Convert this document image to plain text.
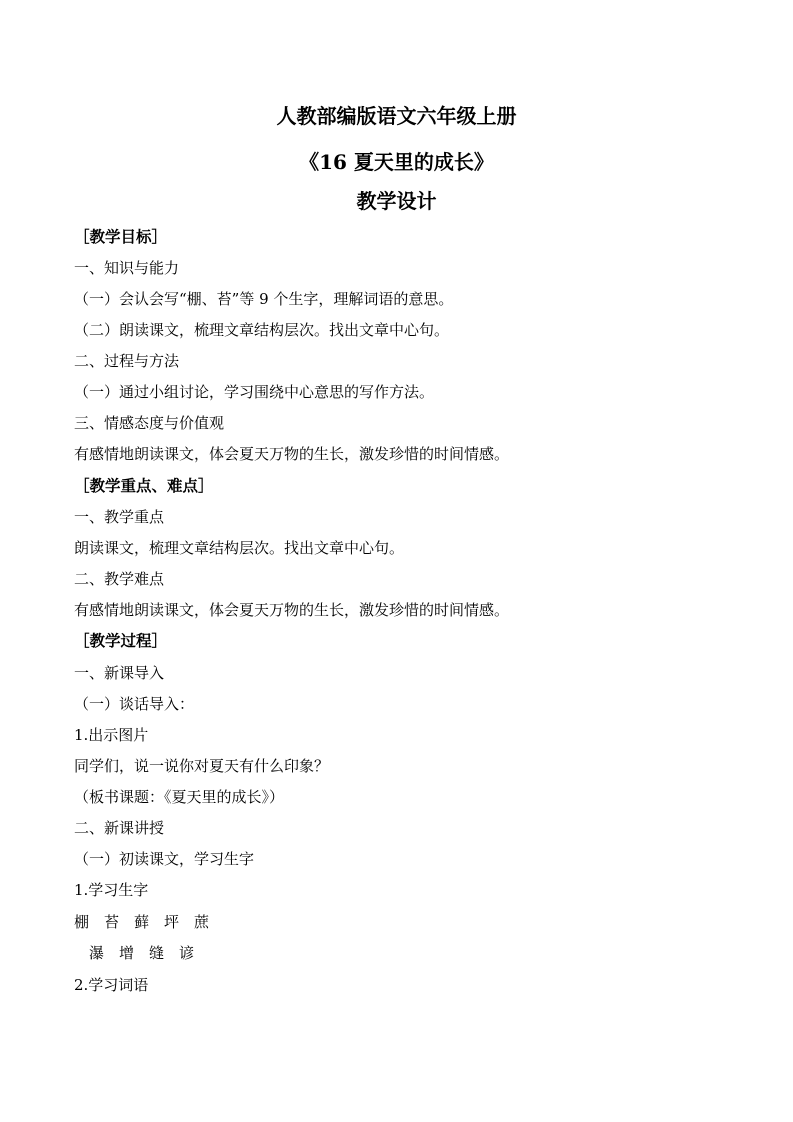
人教部编版语文六年级上册
《16 夏天里的成长》
教学设计

［教学目标］

一、知识与能力

（一）会认会写“棚、苔”等 9 个生字，理解词语的意思。

（二）朗读课文，梳理文章结构层次。找出文章中心句。

二、过程与方法

（一）通过小组讨论，学习围绕中心意思的写作方法。

三、情感态度与价值观

有感情地朗读课文，体会夏天万物的生长，激发珍惜的时间情感。

［教学重点、难点］

一、教学重点

朗读课文，梳理文章结构层次。找出文章中心句。

二、教学难点

有感情地朗读课文，体会夏天万物的生长，激发珍惜的时间情感。

［教学过程］

一、新课导入

（一）谈话导入：

1.出示图片

同学们，说一说你对夏天有什么印象？

（板书课题：《夏天里的成长》）

二、新课讲授

（一）初读课文，学习生字

1.学习生字

棚　苔　藓　坪　蔗

　瀑　增　缝　谚

2.学习词语
